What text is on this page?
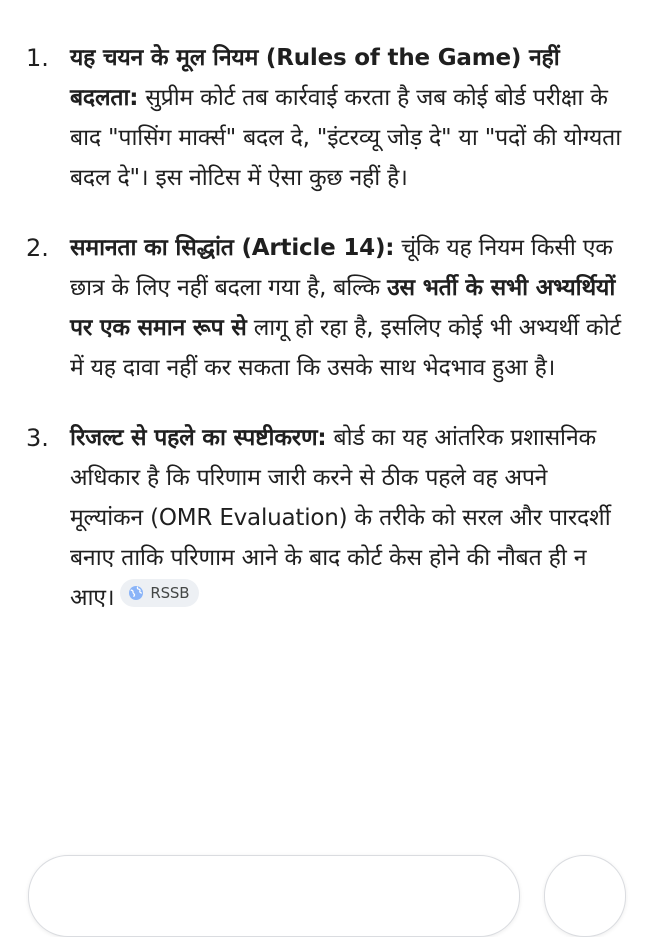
1. यह चयन के मूल नियम (Rules of the Game) नहीं बदलता: सुप्रीम कोर्ट तब कार्रवाई करता है जब कोई बोर्ड परीक्षा के बाद "पासिंग मार्क्स" बदल दे, "इंटरव्यू जोड़ दे" या "पदों की योग्यता बदल दे"। इस नोटिस में ऐसा कुछ नहीं है।
2. समानता का सिद्धांत (Article 14): चूंकि यह नियम किसी एक छात्र के लिए नहीं बदला गया है, बल्कि उस भर्ती के सभी अभ्यर्थियों पर एक समान रूप से लागू हो रहा है, इसलिए कोई भी अभ्यर्थी कोर्ट में यह दावा नहीं कर सकता कि उसके साथ भेदभाव हुआ है।
3. रिजल्ट से पहले का स्पष्टीकरण: बोर्ड का यह आंतरिक प्रशासनिक अधिकार है कि परिणाम जारी करने से ठीक पहले वह अपने मूल्यांकन (OMR Evaluation) के तरीके को सरल और पारदर्शी बनाए ताकि परिणाम आने के बाद कोर्ट केस होने की नौबत ही न आए। RSSB
